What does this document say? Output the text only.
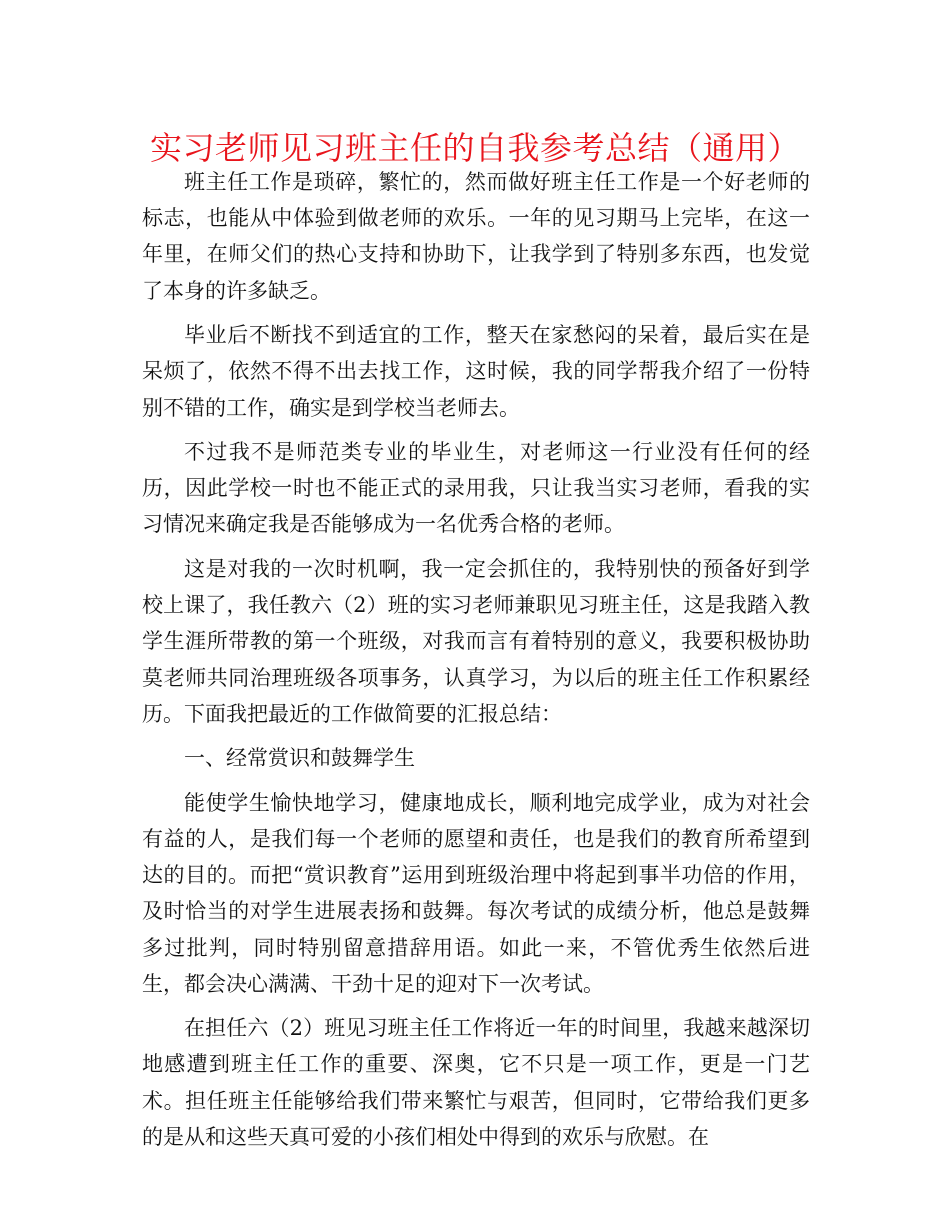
实习老师见习班主任的自我参考总结（通用）

班主任工作是琐碎，繁忙的，然而做好班主任工作是一个好老师的标志，也能从中体验到做老师的欢乐。一年的见习期马上完毕，在这一年里，在师父们的热心支持和协助下，让我学到了特别多东西，也发觉了本身的许多缺乏。

毕业后不断找不到适宜的工作，整天在家愁闷的呆着，最后实在是呆烦了，依然不得不出去找工作，这时候，我的同学帮我介绍了一份特别不错的工作，确实是到学校当老师去。

不过我不是师范类专业的毕业生，对老师这一行业没有任何的经历，因此学校一时也不能正式的录用我，只让我当实习老师，看我的实习情况来确定我是否能够成为一名优秀合格的老师。

这是对我的一次时机啊，我一定会抓住的，我特别快的预备好到学校上课了，我任教六（2）班的实习老师兼职见习班主任，这是我踏入教学生涯所带教的第一个班级，对我而言有着特别的意义，我要积极协助莫老师共同治理班级各项事务，认真学习，为以后的班主任工作积累经历。下面我把最近的工作做简要的汇报总结：

一、经常赏识和鼓舞学生

能使学生愉快地学习，健康地成长，顺利地完成学业，成为对社会有益的人，是我们每一个老师的愿望和责任，也是我们的教育所希望到达的目的。而把“赏识教育”运用到班级治理中将起到事半功倍的作用，及时恰当的对学生进展表扬和鼓舞。每次考试的成绩分析，他总是鼓舞多过批判，同时特别留意措辞用语。如此一来，不管优秀生依然后进生，都会决心满满、干劲十足的迎对下一次考试。

在担任六（2）班见习班主任工作将近一年的时间里，我越来越深切地感遭到班主任工作的重要、深奥，它不只是一项工作，更是一门艺术。担任班主任能够给我们带来繁忙与艰苦，但同时，它带给我们更多的是从和这些天真可爱的小孩们相处中得到的欢乐与欣慰。在
